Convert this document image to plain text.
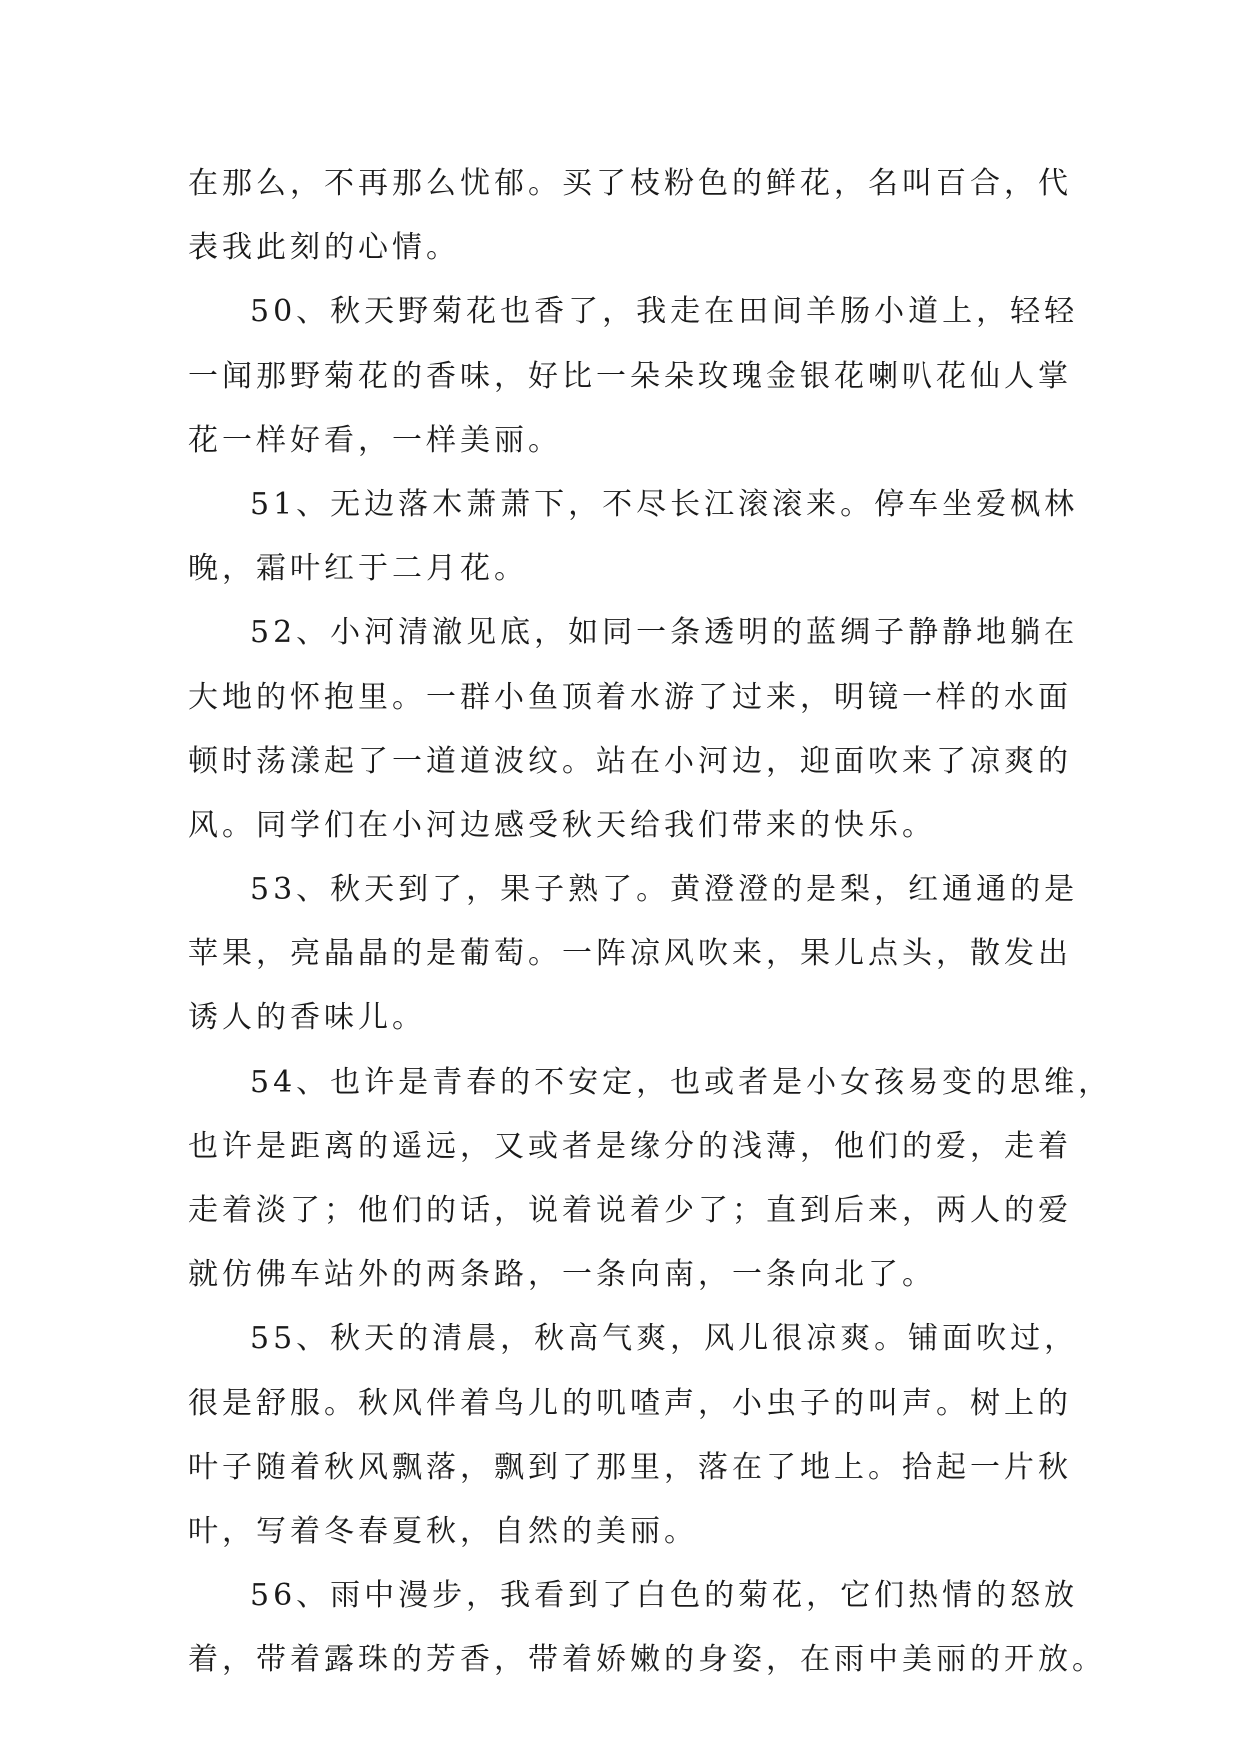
在那么，不再那么忧郁。买了枝粉色的鲜花，名叫百合，代
表我此刻的心情。

50、秋天野菊花也香了，我走在田间羊肠小道上，轻轻
一闻那野菊花的香味，好比一朵朵玫瑰金银花喇叭花仙人掌
花一样好看，一样美丽。

51、无边落木萧萧下，不尽长江滚滚来。停车坐爱枫林
晚，霜叶红于二月花。

52、小河清澈见底，如同一条透明的蓝绸子静静地躺在
大地的怀抱里。一群小鱼顶着水游了过来，明镜一样的水面
顿时荡漾起了一道道波纹。站在小河边，迎面吹来了凉爽的
风。同学们在小河边感受秋天给我们带来的快乐。

53、秋天到了，果子熟了。黄澄澄的是梨，红通通的是
苹果，亮晶晶的是葡萄。一阵凉风吹来，果儿点头，散发出
诱人的香味儿。

54、也许是青春的不安定，也或者是小女孩易变的思维，
也许是距离的遥远，又或者是缘分的浅薄，他们的爱，走着
走着淡了；他们的话，说着说着少了；直到后来，两人的爱
就仿佛车站外的两条路，一条向南，一条向北了。

55、秋天的清晨，秋高气爽，风儿很凉爽。铺面吹过，
很是舒服。秋风伴着鸟儿的叽喳声，小虫子的叫声。树上的
叶子随着秋风飘落，飘到了那里，落在了地上。拾起一片秋
叶，写着冬春夏秋，自然的美丽。

56、雨中漫步，我看到了白色的菊花，它们热情的怒放
着，带着露珠的芳香，带着娇嫩的身姿，在雨中美丽的开放。
